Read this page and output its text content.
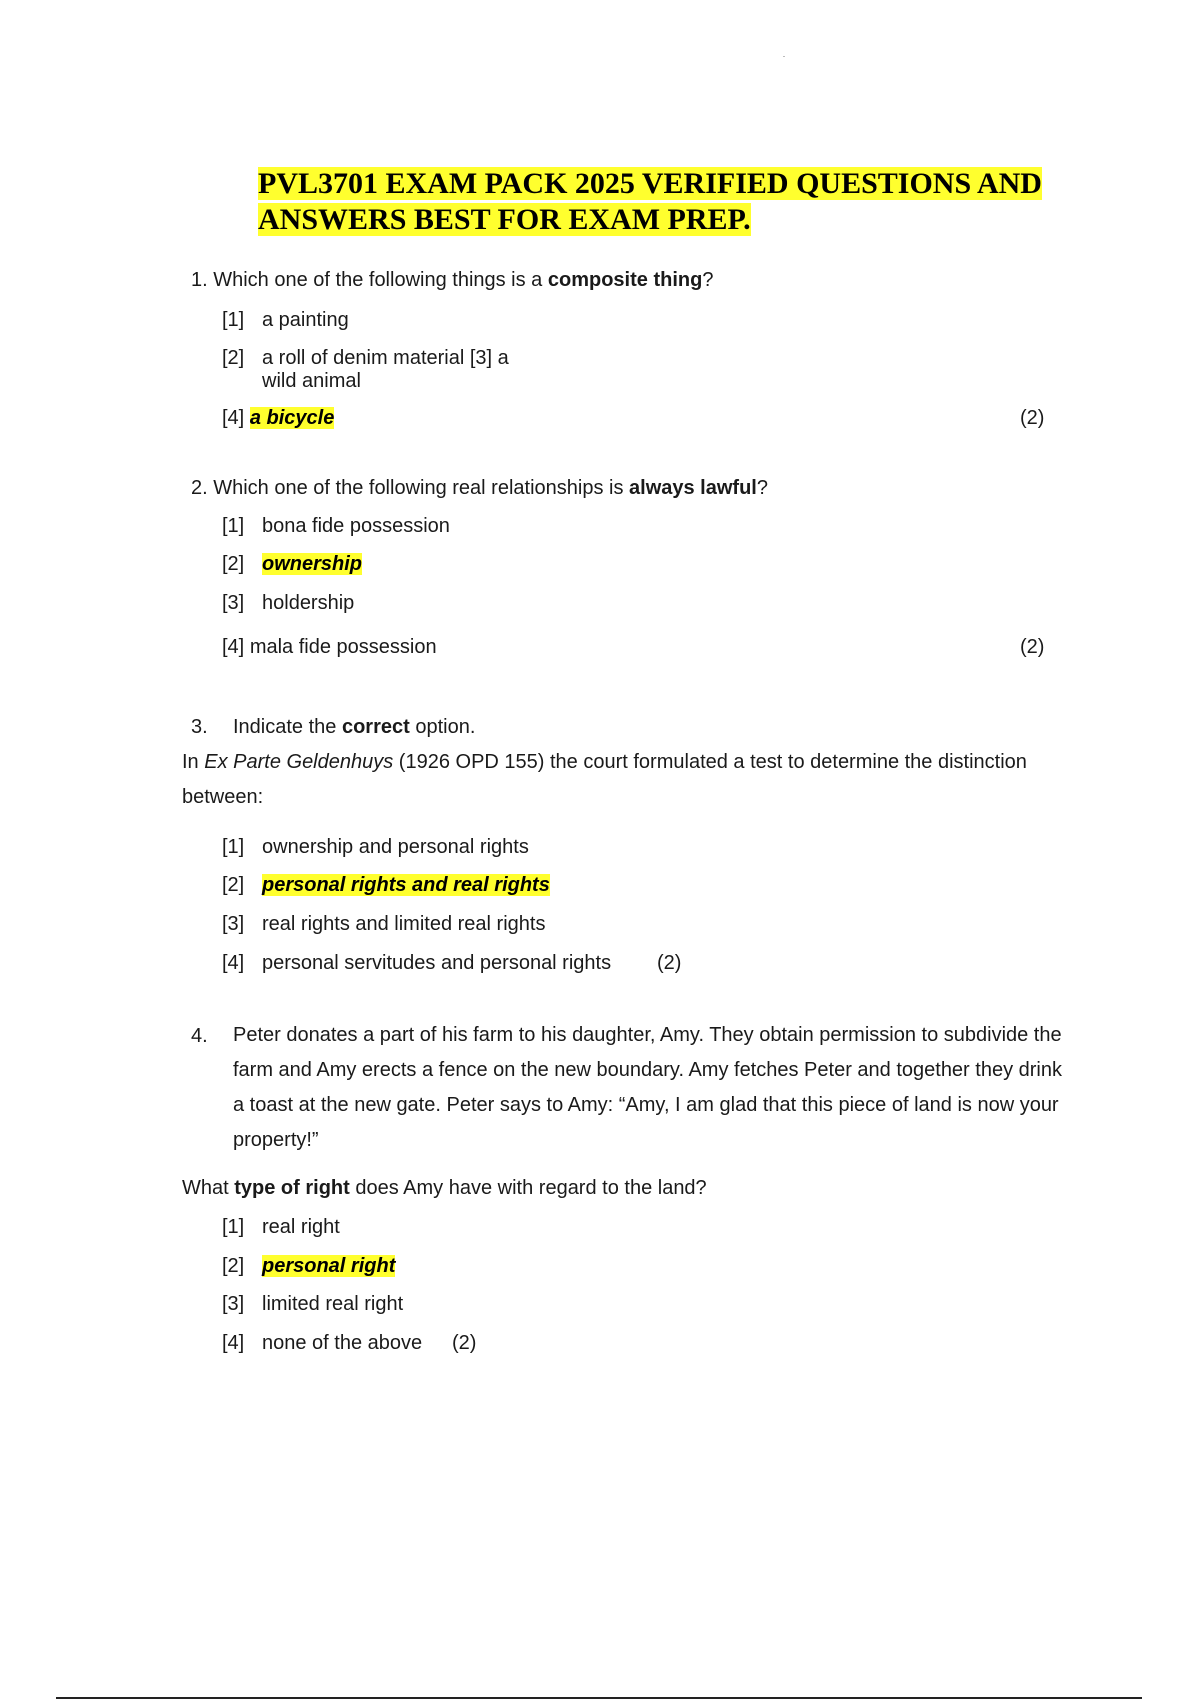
PVL3701 EXAM PACK 2025 VERIFIED QUESTIONS AND
ANSWERS BEST FOR EXAM PREP.
1. Which one of the following things is a composite thing?
[1] a painting
[2] a roll of denim material [3] a
wild animal
[4] a bicycle	(2)
2. Which one of the following real relationships is always lawful?
[1] bona fide possession
[2] ownership
[3] holdership
[4] mala fide possession	(2)
3. Indicate the correct option.
In Ex Parte Geldenhuys (1926 OPD 155) the court formulated a test to determine the distinction
between:
[1] ownership and personal rights
[2] personal rights and real rights
[3] real rights and limited real rights
[4] personal servitudes and personal rights (2)
4. Peter donates a part of his farm to his daughter, Amy. They obtain permission to subdivide the
farm and Amy erects a fence on the new boundary. Amy fetches Peter and together they drink
a toast at the new gate. Peter says to Amy: “Amy, I am glad that this piece of land is now your
property!”
What type of right does Amy have with regard to the land?
[1] real right
[2] personal right
[3] limited real right
[4] none of the above (2)
